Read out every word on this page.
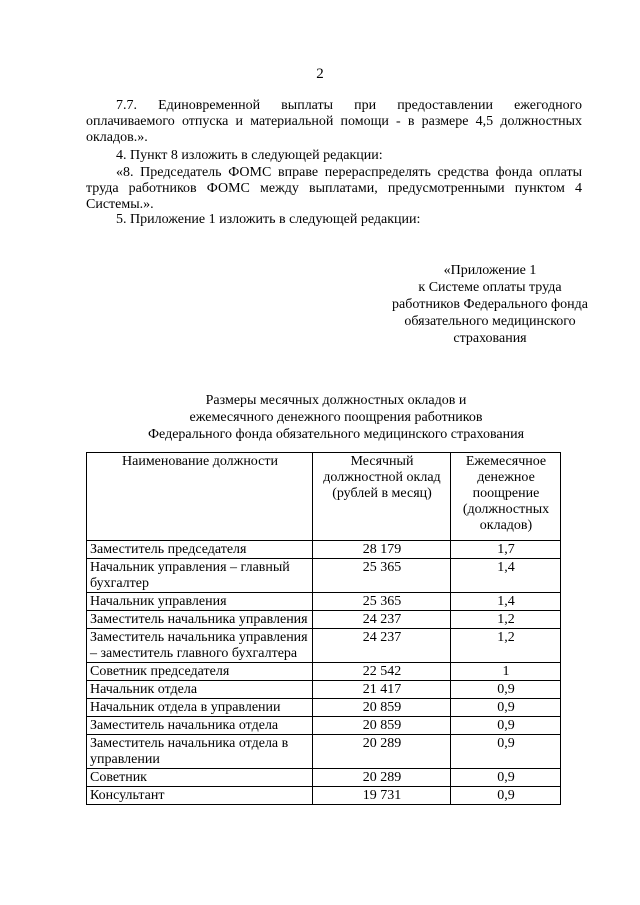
2
7.7. Единовременной выплаты при предоставлении ежегодного
оплачиваемого отпуска и материальной помощи - в размере 4,5 должностных
окладов.».
4. Пункт 8 изложить в следующей редакции:
«8. Председатель ФОМС вправе перераспределять средства фонда оплаты
труда работников ФОМС между выплатами, предусмотренными пунктом 4
Системы.».
5. Приложение 1 изложить в следующей редакции:
«Приложение 1
к Системе оплаты труда
работников Федерального фонда
обязательного медицинского
страхования
Размеры месячных должностных окладов и
ежемесячного денежного поощрения работников
Федерального фонда обязательного медицинского страхования
Наименование должности	Месячный должностной оклад (рублей в месяц)	Ежемесячное денежное поощрение (должностных окладов)
Заместитель председателя	28 179	1,7
Начальник управления – главный бухгалтер	25 365	1,4
Начальник управления	25 365	1,4
Заместитель начальника управления	24 237	1,2
Заместитель начальника управления – заместитель главного бухгалтера	24 237	1,2
Советник председателя	22 542	1
Начальник отдела	21 417	0,9
Начальник отдела в управлении	20 859	0,9
Заместитель начальника отдела	20 859	0,9
Заместитель начальника отдела в управлении	20 289	0,9
Советник	20 289	0,9
Консультант	19 731	0,9
